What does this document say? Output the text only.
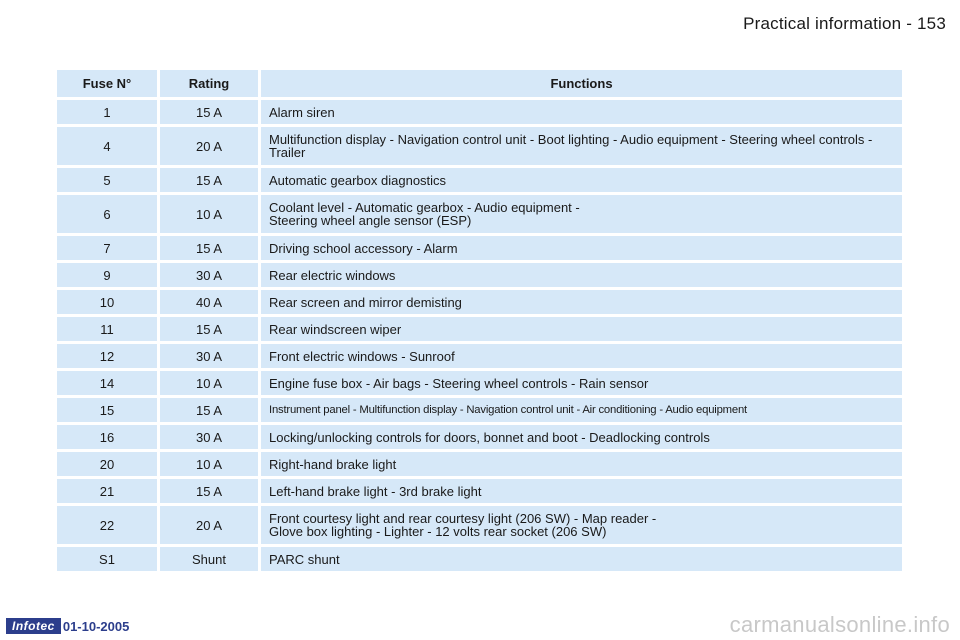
Practical information - 153
Fuse N°	Rating	Functions
1	15 A	Alarm siren
4	20 A	Multifunction display - Navigation control unit - Boot lighting - Audio equipment - Steering wheel controls - Trailer
5	15 A	Automatic gearbox diagnostics
6	10 A	Coolant level - Automatic gearbox - Audio equipment -
Steering wheel angle sensor (ESP)
7	15 A	Driving school accessory - Alarm
9	30 A	Rear electric windows
10	40 A	Rear screen and mirror demisting
11	15 A	Rear windscreen wiper
12	30 A	Front electric windows - Sunroof
14	10 A	Engine fuse box - Air bags - Steering wheel controls - Rain sensor
15	15 A	Instrument panel - Multifunction display - Navigation control unit - Air conditioning - Audio equipment
16	30 A	Locking/unlocking controls for doors, bonnet and boot - Deadlocking controls
20	10 A	Right-hand brake light
21	15 A	Left-hand brake light - 3rd brake light
22	20 A	Front courtesy light and rear courtesy light (206 SW) - Map reader -
Glove box lighting - Lighter - 12 volts rear socket (206 SW)
S1	Shunt	PARC shunt
Infotec 01-10-2005	carmanualsonline.info
